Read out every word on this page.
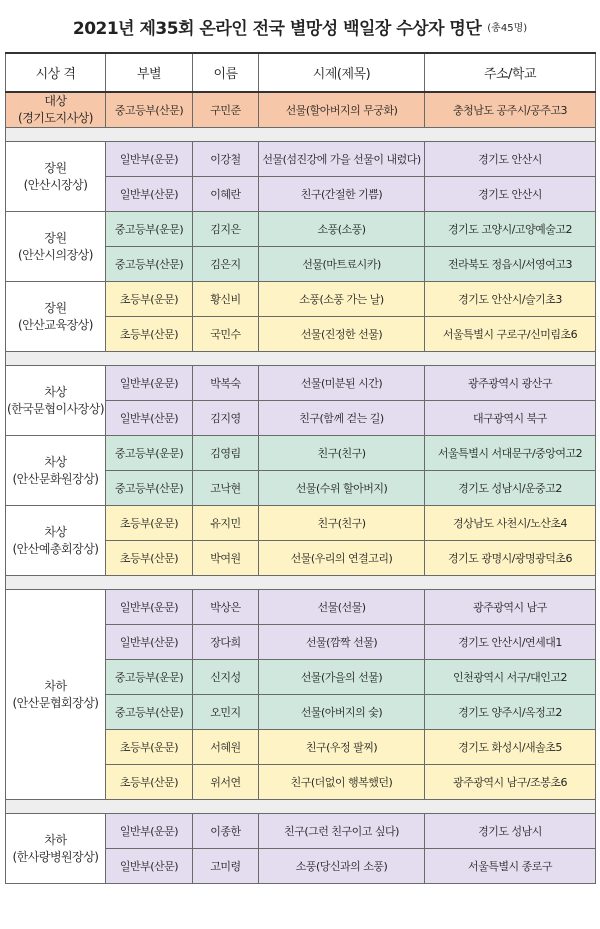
2021년 제35회 온라인 전국 별망성 백일장 수상자 명단 (총45명)
시상 격	부별	이름	시제(제목)	주소/학교
대상
(경기도지사상)	중고등부(산문)	구민준	선물(할아버지의 무궁화)	충청남도 공주시/공주고3

장원
(안산시장상)	일반부(운문)	이강철	선물(섬진강에 가을 선물이 내렸다)	경기도 안산시
	일반부(산문)	이혜란	친구(간절한 기쁨)	경기도 안산시
장원
(안산시의장상)	중고등부(운문)	김지은	소풍(소풍)	경기도 고양시/고양예술고2
	중고등부(산문)	김은지	선물(마트료시카)	전라북도 정읍시/서영여고3
장원
(안산교육장상)	초등부(운문)	황신비	소풍(소풍 가는 날)	경기도 안산시/슬기초3
	초등부(산문)	국민수	선물(진정한 선물)	서울특별시 구로구/신미림초6

차상
(한국문협이사장상)	일반부(운문)	박복숙	선물(미분된 시간)	광주광역시 광산구
	일반부(산문)	김지영	친구(함께 걷는 길)	대구광역시 북구
차상
(안산문화원장상)	중고등부(운문)	김영림	친구(친구)	서울특별시 서대문구/중앙여고2
	중고등부(산문)	고낙현	선물(수위 할아버지)	경기도 성남시/운중고2
차상
(안산예총회장상)	초등부(운문)	유지민	친구(친구)	경상남도 사천시/노산초4
	초등부(산문)	박여원	선물(우리의 연결고리)	경기도 광명시/광명광덕초6

차하
(안산문협회장상)	일반부(운문)	박상은	선물(선물)	광주광역시 남구
	일반부(산문)	장다희	선물(깜짝 선물)	경기도 안산시/연세대1
	중고등부(운문)	신지성	선물(가을의 선물)	인천광역시 서구/대인고2
	중고등부(산문)	오민지	선물(아버지의 숯)	경기도 양주시/옥정고2
	초등부(운문)	서혜원	친구(우정 팔찌)	경기도 화성시/새솔초5
	초등부(산문)	위서연	친구(더없이 행복했던)	광주광역시 남구/조봉초6

차하
(한사랑병원장상)	일반부(운문)	이종한	친구(그런 친구이고 싶다)	경기도 성남시
	일반부(산문)	고미령	소풍(당신과의 소풍)	서울특별시 종로구
